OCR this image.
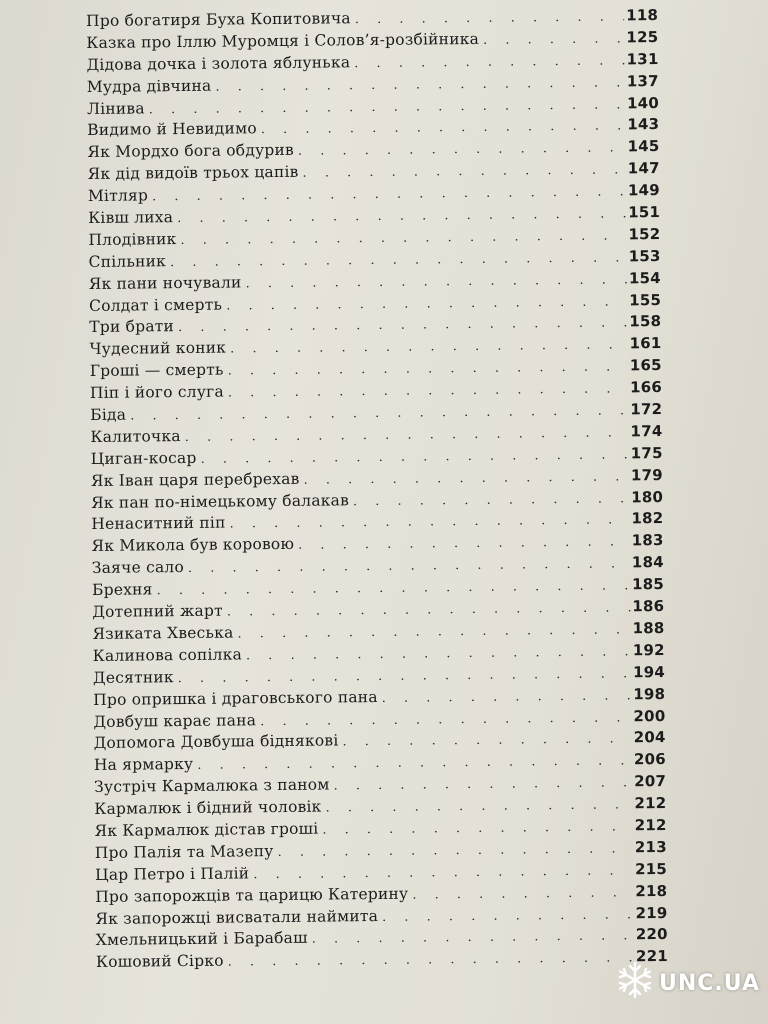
Про богатиря Буха Копитовича . . .	118
Казка про Іллю Муромця і Солов’я-розбійника . . .	125
Дідова дочка і золота яблунька . . .	131
Мудра дівчина . . .	137
Лінива . . .	140
Видимо й Невидимо . . .	143
Як Мордхо бога обдурив . . .	145
Як дід видоїв трьох цапів . . .	147
Мітляр . . .	149
Ківш лиха . . .	151
Плодівник . . .	152
Спільник . . .	153
Як пани ночували . . .	154
Солдат і смерть . . .	155
Три брати . . .	158
Чудесний коник . . .	161
Гроші — смерть . . .	165
Піп і його слуга . . .	166
Біда . . .	172
Калиточка . . .	174
Циган-косар . . .	175
Як Іван царя перебрехав . . .	179
Як пан по-німецькому балакав . . .	180
Ненаситний піп . . .	182
Як Микола був коровою . . .	183
Заяче сало . . .	184
Брехня . . .	185
Дотепний жарт . . .	186
Язиката Хвеська . . .	188
Калинова сопілка . . .	192
Десятник . . .	194
Про опришка і драговського пана . . .	198
Довбуш карає пана . . .	200
Допомога Довбуша біднякові . . .	204
На ярмарку . . .	206
Зустріч Кармалюка з паном . . .	207
Кармалюк і бідний чоловік . . .	212
Як Кармалюк дістав гроші . . .	212
Про Палія та Мазепу . . .	213
Цар Петро і Палій . . .	215
Про запорожців та царицю Катерину . . .	218
Як запорожці висватали наймита . . .	219
Хмельницький і Барабаш . . .	220
Кошовий Сірко . . .	221
UNC.UA
